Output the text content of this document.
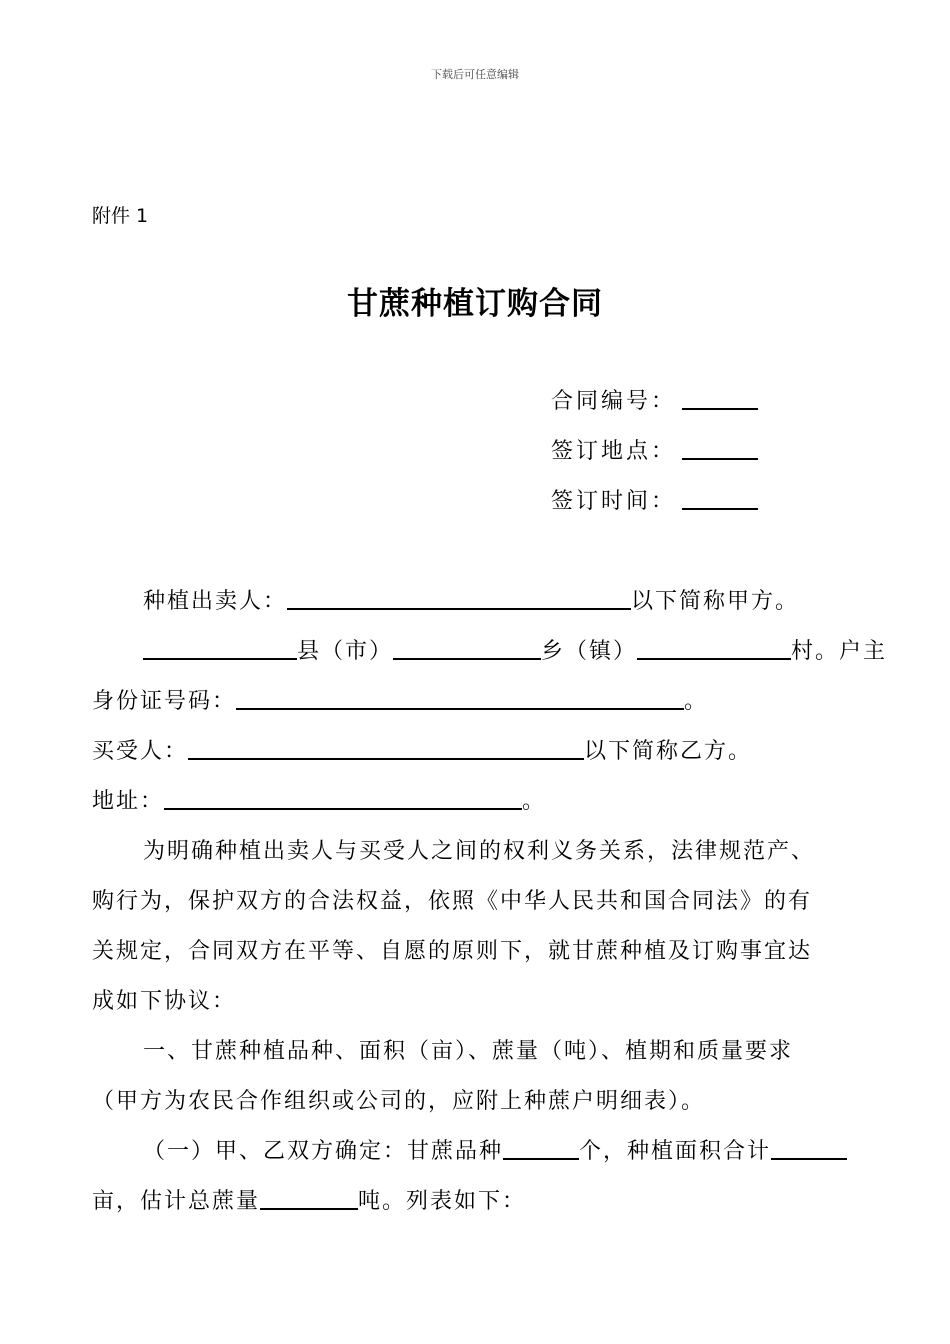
下载后可任意编辑
附件 1
甘蔗种植订购合同
合同编号：
签订地点：
签订时间：
种植出卖人：	以下简称甲方。
县（市）	乡（镇）	村。户主
身份证号码：	。
买受人：	以下简称乙方。
地址：	。
为明确种植出卖人与买受人之间的权利义务关系，法律规范产、
购行为，保护双方的合法权益，依照《中华人民共和国合同法》的有
关规定，合同双方在平等、自愿的原则下，就甘蔗种植及订购事宜达
成如下协议：
一、甘蔗种植品种、面积（亩）、蔗量（吨）、植期和质量要求
（甲方为农民合作组织或公司的，应附上种蔗户明细表）。
（一）甲、乙双方确定：甘蔗品种	个，种植面积合计
亩，估计总蔗量	吨。列表如下：
